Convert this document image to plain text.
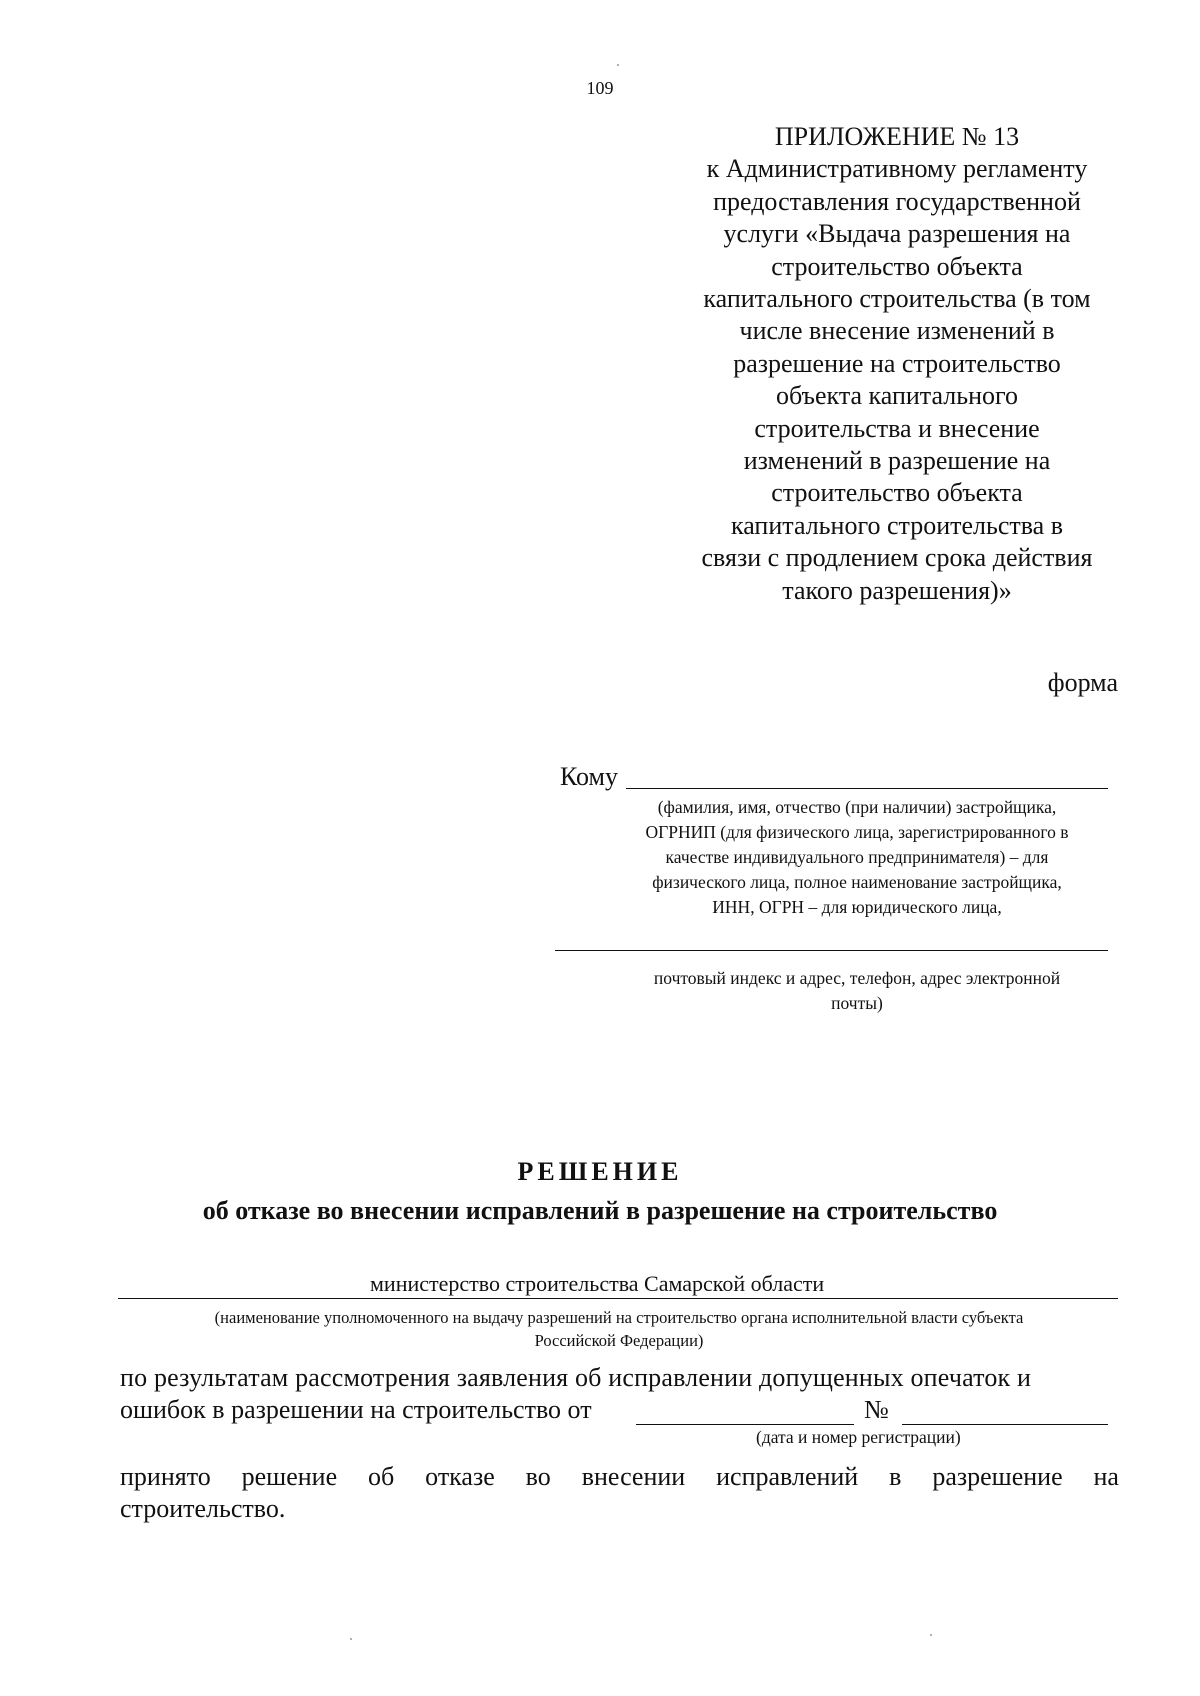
109
ПРИЛОЖЕНИЕ № 13
к Административному регламенту
предоставления государственной
услуги «Выдача разрешения на
строительство объекта
капитального строительства (в том
числе внесение изменений в
разрешение на строительство
объекта капитального
строительства и внесение
изменений в разрешение на
строительство объекта
капитального строительства в
связи с продлением срока действия
такого разрешения)»
форма
Кому
(фамилия, имя, отчество (при наличии) застройщика,
ОГРНИП (для физического лица, зарегистрированного в
качестве индивидуального предпринимателя) – для
физического лица, полное наименование застройщика,
ИНН, ОГРН – для юридического лица,
почтовый индекс и адрес, телефон, адрес электронной
почты)
РЕШЕНИЕ
об отказе во внесении исправлений в разрешение на строительство
министерство строительства Самарской области
(наименование уполномоченного на выдачу разрешений на строительство органа исполнительной власти субъекта
Российской Федерации)
по результатам рассмотрения заявления об исправлении допущенных опечаток и
ошибок в разрешении на строительство от	№
(дата и номер регистрации)
принято решение об отказе во внесении исправлений в разрешение на
строительство.
